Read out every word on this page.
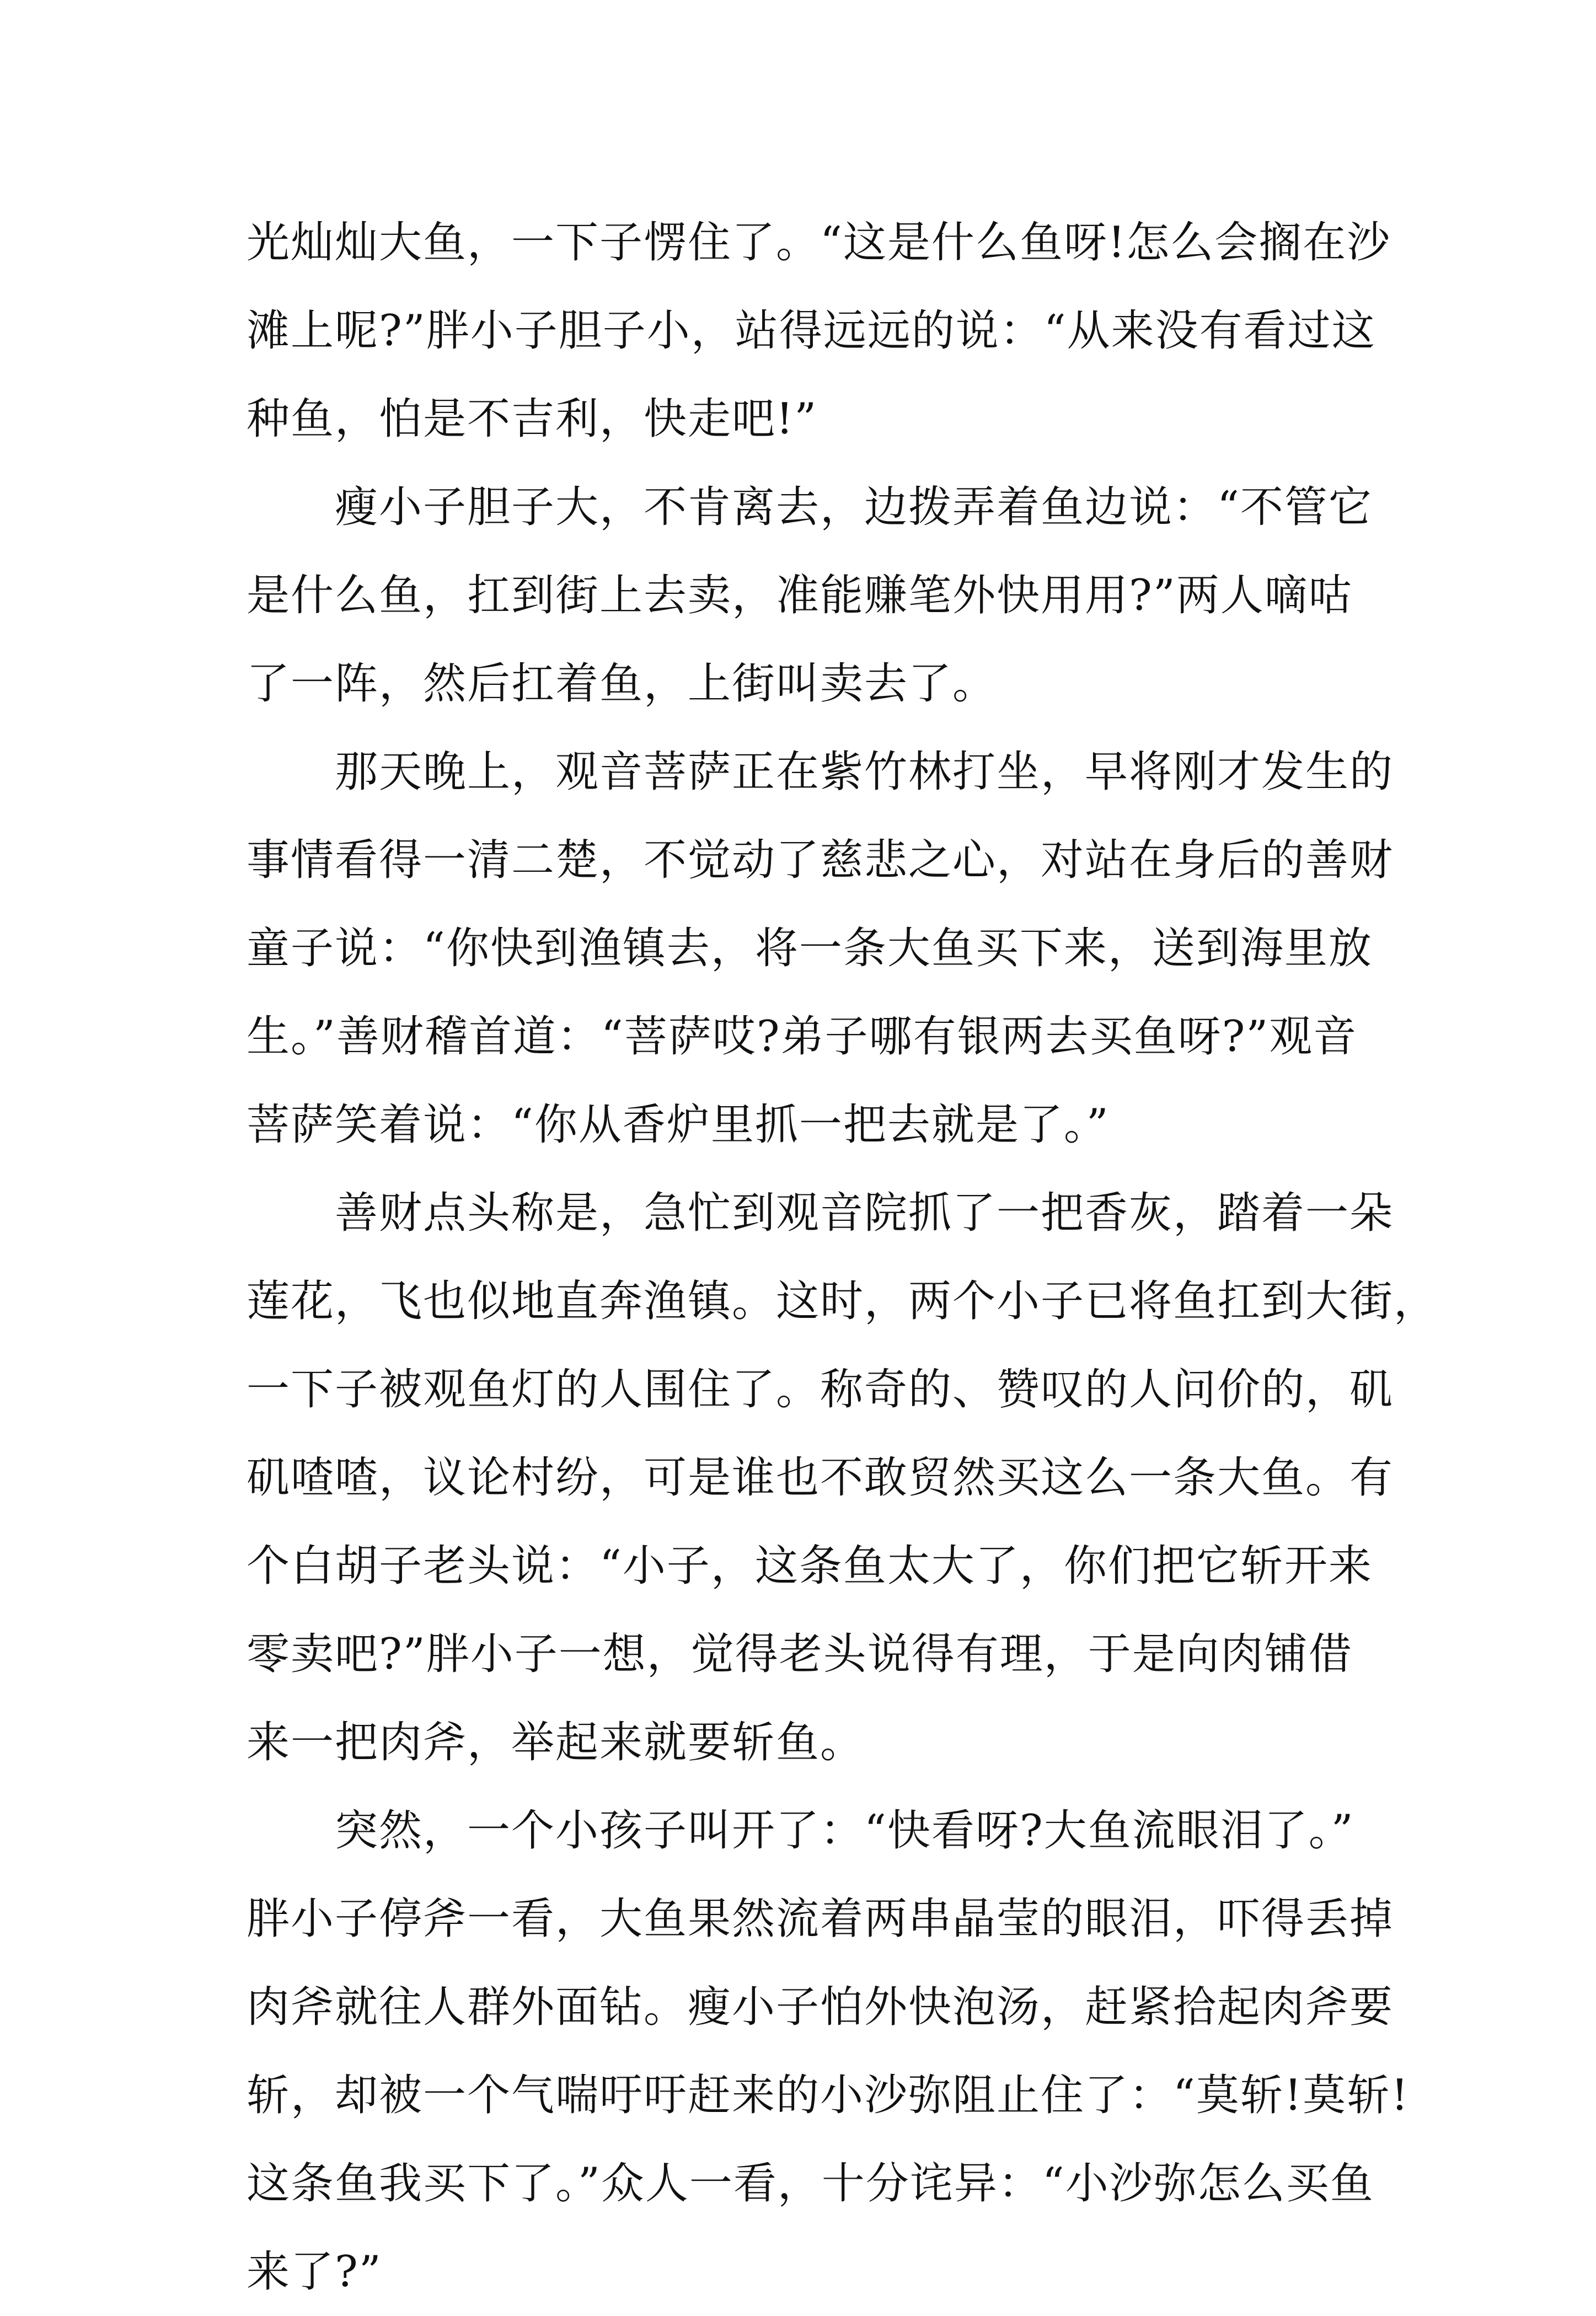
光灿灿大鱼，一下子愣住了。“这是什么鱼呀!怎么会搁在沙
滩上呢?”胖小子胆子小，站得远远的说：“从来没有看过这
种鱼，怕是不吉利，快走吧!”
瘦小子胆子大，不肯离去，边拨弄着鱼边说：“不管它
是什么鱼，扛到街上去卖，准能赚笔外快用用?”两人嘀咕
了一阵，然后扛着鱼，上街叫卖去了。
那天晚上，观音菩萨正在紫竹林打坐，早将刚才发生的
事情看得一清二楚，不觉动了慈悲之心，对站在身后的善财
童子说：“你快到渔镇去，将一条大鱼买下来，送到海里放
生。”善财稽首道：“菩萨哎?弟子哪有银两去买鱼呀?”观音
菩萨笑着说：“你从香炉里抓一把去就是了。”
善财点头称是，急忙到观音院抓了一把香灰，踏着一朵
莲花，飞也似地直奔渔镇。这时，两个小子已将鱼扛到大街，
一下子被观鱼灯的人围住了。称奇的、赞叹的人问价的，矶
矶喳喳，议论村纷，可是谁也不敢贸然买这么一条大鱼。有
个白胡子老头说：“小子，这条鱼太大了，你们把它斩开来
零卖吧?”胖小子一想，觉得老头说得有理，于是向肉铺借
来一把肉斧，举起来就要斩鱼。
突然，一个小孩子叫开了：“快看呀?大鱼流眼泪了。”
胖小子停斧一看，大鱼果然流着两串晶莹的眼泪，吓得丢掉
肉斧就往人群外面钻。瘦小子怕外快泡汤，赶紧拾起肉斧要
斩，却被一个气喘吁吁赶来的小沙弥阻止住了：“莫斩!莫斩!
这条鱼我买下了。”众人一看，十分诧异：“小沙弥怎么买鱼
来了?”
